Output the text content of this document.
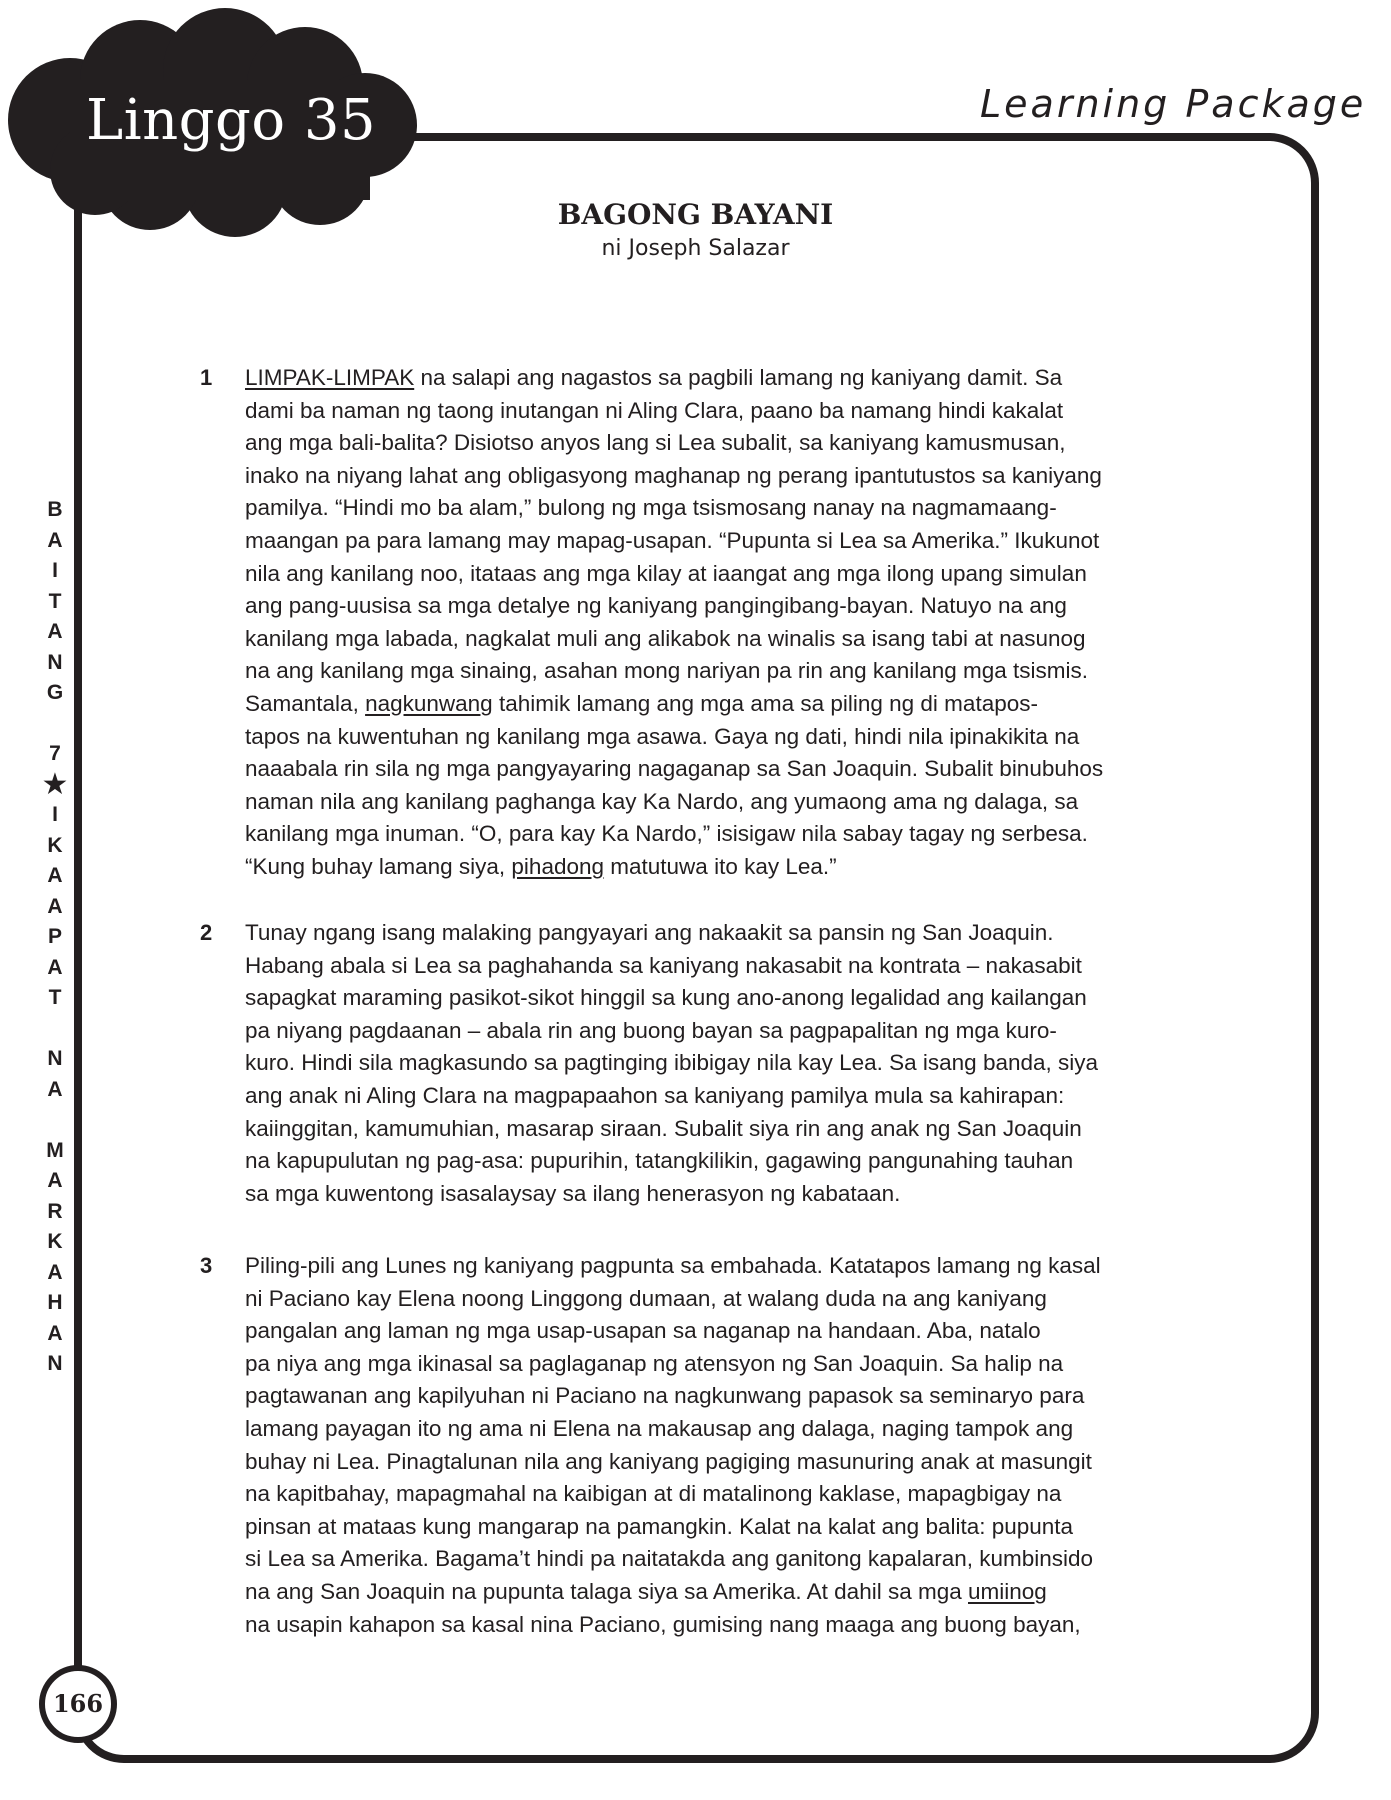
Linggo 35	Learning Package
B
A
I
T
A
N
G
7
★
I
K
A
A
P
A
T
N
A
M
A
R
K
A
H
A
N
166
BAGONG BAYANI
ni Joseph Salazar
1 LIMPAK-LIMPAK na salapi ang nagastos sa pagbili lamang ng kaniyang damit. Sa
dami ba naman ng taong inutangan ni Aling Clara, paano ba namang hindi kakalat
ang mga bali-balita? Disiotso anyos lang si Lea subalit, sa kaniyang kamusmusan,
inako na niyang lahat ang obligasyong maghanap ng perang ipantutustos sa kaniyang
pamilya. “Hindi mo ba alam,” bulong ng mga tsismosang nanay na nagmamaang-
maangan pa para lamang may mapag-usapan. “Pupunta si Lea sa Amerika.” Ikukunot
nila ang kanilang noo, itataas ang mga kilay at iaangat ang mga ilong upang simulan
ang pang-uusisa sa mga detalye ng kaniyang pangingibang-bayan. Natuyo na ang
kanilang mga labada, nagkalat muli ang alikabok na winalis sa isang tabi at nasunog
na ang kanilang mga sinaing, asahan mong nariyan pa rin ang kanilang mga tsismis.
Samantala, nagkunwang tahimik lamang ang mga ama sa piling ng di matapos-
tapos na kuwentuhan ng kanilang mga asawa. Gaya ng dati, hindi nila ipinakikita na
naaabala rin sila ng mga pangyayaring nagaganap sa San Joaquin. Subalit binubuhos
naman nila ang kanilang paghanga kay Ka Nardo, ang yumaong ama ng dalaga, sa
kanilang mga inuman. “O, para kay Ka Nardo,” isisigaw nila sabay tagay ng serbesa.
“Kung buhay lamang siya, pihadong matutuwa ito kay Lea.”
2 Tunay ngang isang malaking pangyayari ang nakaakit sa pansin ng San Joaquin.
Habang abala si Lea sa paghahanda sa kaniyang nakasabit na kontrata – nakasabit
sapagkat maraming pasikot-sikot hinggil sa kung ano-anong legalidad ang kailangan
pa niyang pagdaanan – abala rin ang buong bayan sa pagpapalitan ng mga kuro-
kuro. Hindi sila magkasundo sa pagtinging ibibigay nila kay Lea. Sa isang banda, siya
ang anak ni Aling Clara na magpapaahon sa kaniyang pamilya mula sa kahirapan:
kaiinggitan, kamumuhian, masarap siraan. Subalit siya rin ang anak ng San Joaquin
na kapupulutan ng pag-asa: pupurihin, tatangkilikin, gagawing pangunahing tauhan
sa mga kuwentong isasalaysay sa ilang henerasyon ng kabataan.
3 Piling-pili ang Lunes ng kaniyang pagpunta sa embahada. Katatapos lamang ng kasal
ni Paciano kay Elena noong Linggong dumaan, at walang duda na ang kaniyang
pangalan ang laman ng mga usap-usapan sa naganap na handaan. Aba, natalo
pa niya ang mga ikinasal sa paglaganap ng atensyon ng San Joaquin. Sa halip na
pagtawanan ang kapilyuhan ni Paciano na nagkunwang papasok sa seminaryo para
lamang payagan ito ng ama ni Elena na makausap ang dalaga, naging tampok ang
buhay ni Lea. Pinagtalunan nila ang kaniyang pagiging masunuring anak at masungit
na kapitbahay, mapagmahal na kaibigan at di matalinong kaklase, mapagbigay na
pinsan at mataas kung mangarap na pamangkin. Kalat na kalat ang balita: pupunta
si Lea sa Amerika. Bagama’t hindi pa naitatakda ang ganitong kapalaran, kumbinsido
na ang San Joaquin na pupunta talaga siya sa Amerika. At dahil sa mga umiinog
na usapin kahapon sa kasal nina Paciano, gumising nang maaga ang buong bayan,
